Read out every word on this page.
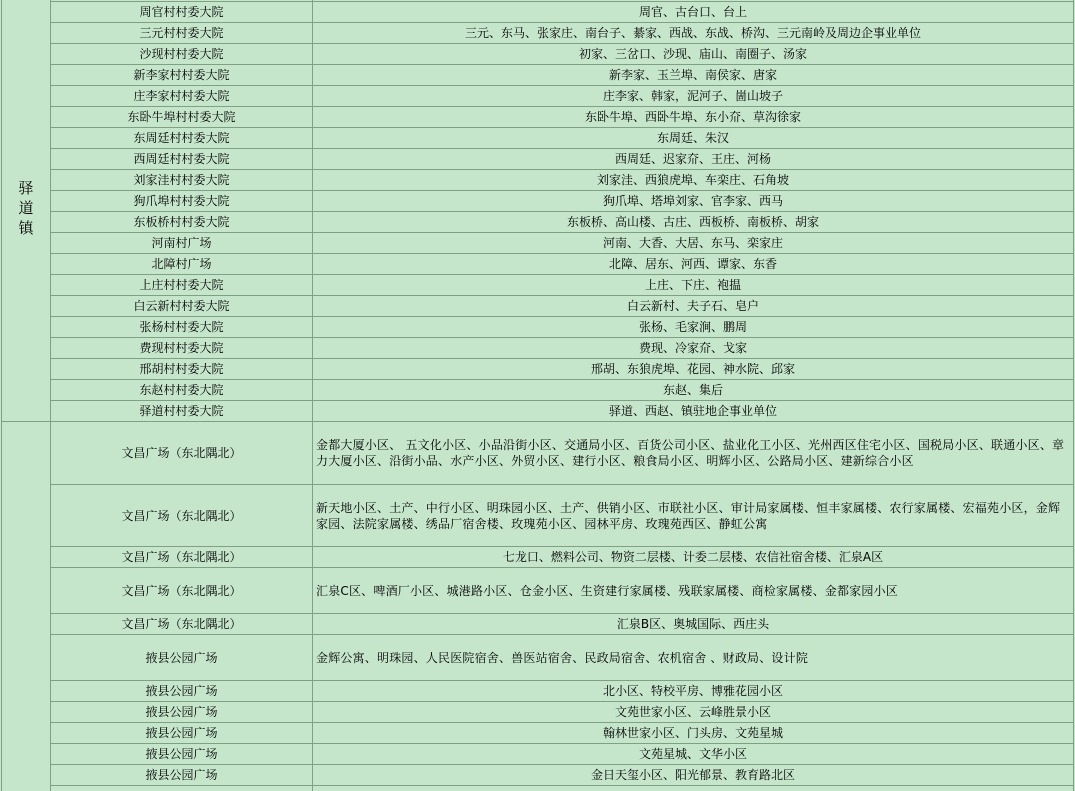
驿道镇		
	周官村村委大院	周官、古台口、台上
	三元村村委大院	三元、东马、张家庄、南台子、綦家、西战、东战、桥沟、三元南岭及周边企事业单位
	沙现村村委大院	初家、三岔口、沙现、庙山、南圈子、汤家
	新李家村村委大院	新李家、玉兰埠、南侯家、唐家
	庄李家村村委大院	庄李家、韩家，泥河子、崮山坡子
	东卧牛埠村村委大院	东卧牛埠、西卧牛埠、东小夼、草沟徐家
	东周廷村村委大院	东周廷、朱汉
	西周廷村村委大院	西周廷、迟家夼、王庄、河杨
	刘家洼村村委大院	刘家洼、西狼虎埠、车栾庄、石角坡
	狗爪埠村村委大院	狗爪埠、塔埠刘家、官李家、西马
	东板桥村村委大院	东板桥、高山楼、古庄、西板桥、南板桥、胡家
	河南村广场	河南、大香、大居、东马、栾家庄
	北障村广场	北障、居东、河西、谭家、东香
	上庄村村委大院	上庄、下庄、袍揾
	白云新村村委大院	白云新村、夫子石、皂户
	张杨村村委大院	张杨、毛家涧、鹏周
	费现村村委大院	费现、冷家夼、戈家
	邢胡村村委大院	邢胡、东狼虎埠、花园、神水院、邱家
	东赵村村委大院	东赵、集后
	驿道村村委大院	驿道、西赵、镇驻地企事业单位
	文昌广场（东北隅北）	金都大厦小区、 五文化小区、小品沿街小区、交通局小区、百货公司小区、盐业化工小区、光州西区住宅小区、国税局小区、联通小区、章力大厦小区、沿街小品、水产小区、外贸小区、建行小区、粮食局小区、明辉小区、公路局小区、建新综合小区
	文昌广场（东北隅北）	新天地小区、土产、中行小区、明珠园小区、土产、供销小区、市联社小区、审计局家属楼、恒丰家属楼、农行家属楼、宏福苑小区，金辉家园、法院家属楼、绣品厂宿舍楼、玫瑰苑小区、园林平房、玫瑰苑西区、静虹公寓
	文昌广场（东北隅北）	七龙口、燃料公司、物资二层楼、计委二层楼、农信社宿舍楼、汇泉A区
	文昌广场（东北隅北）	汇泉C区、啤酒厂小区、城港路小区、仓金小区、生资建行家属楼、残联家属楼、商检家属楼、金都家园小区
	文昌广场（东北隅北）	汇泉B区、奥城国际、西庄头
	掖县公园广场	金辉公寓、明珠园、人民医院宿舍、兽医站宿舍、民政局宿舍、农机宿舍 、财政局、设计院
	掖县公园广场	北小区、特校平房、博雅花园小区
	掖县公园广场	文苑世家小区、云峰胜景小区
	掖县公园广场	翰林世家小区、门头房、文苑星城
	掖县公园广场	文苑星城、文华小区
	掖县公园广场	金日天玺小区、阳光郁景、教育路北区
